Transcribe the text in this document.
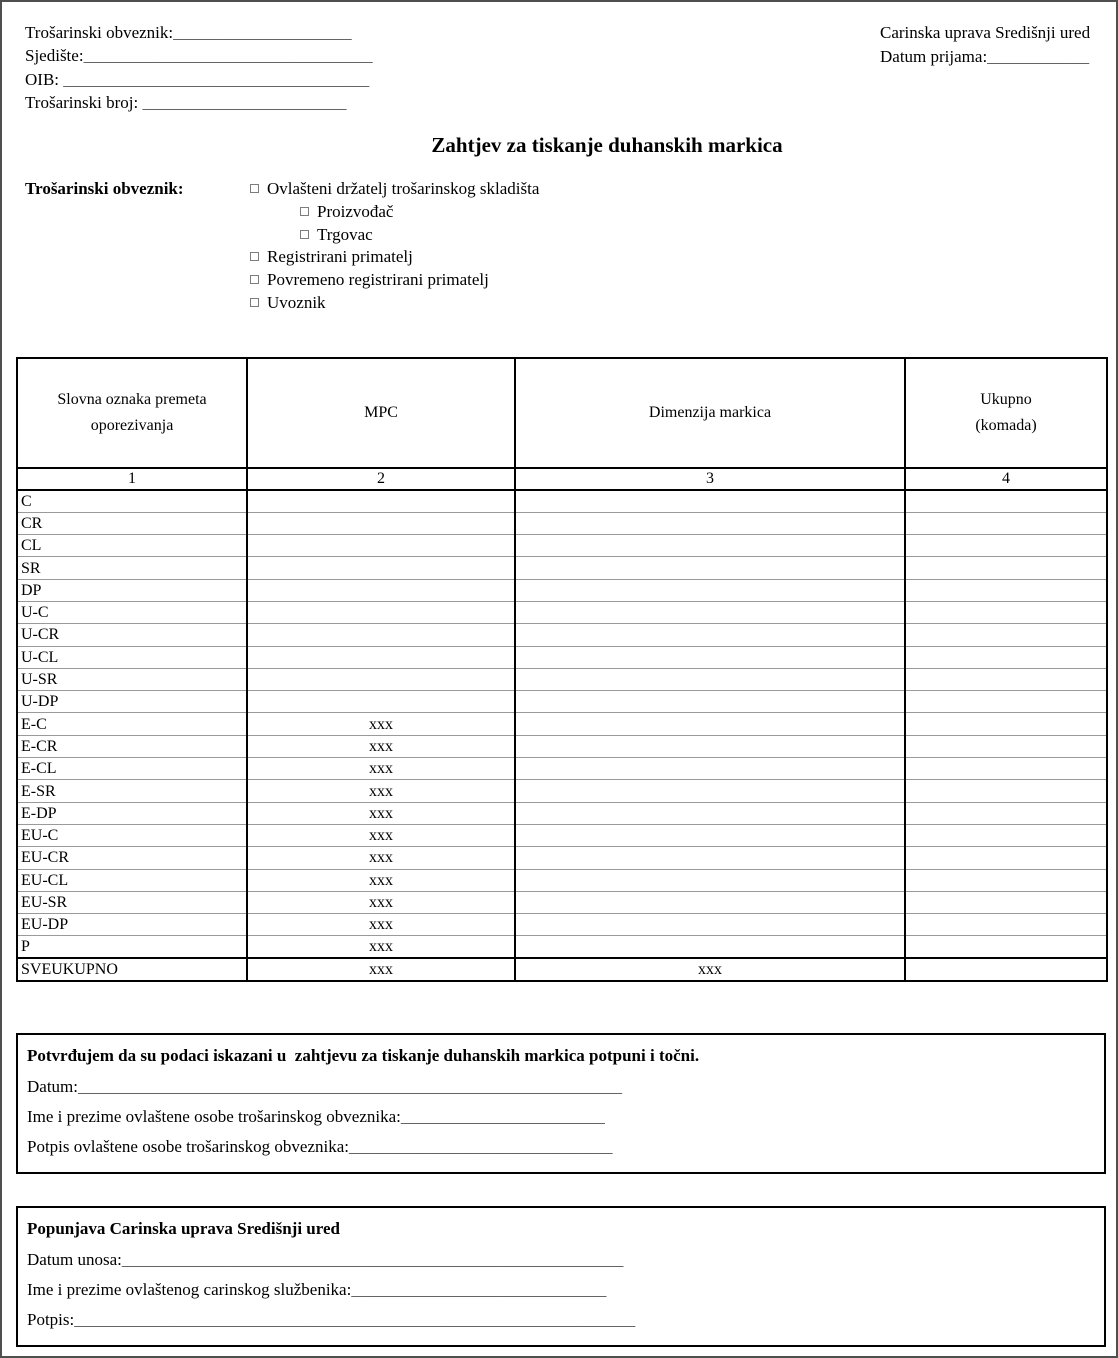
Trošarinski obveznik:_____________________
Sjedište:__________________________________
OIB: ____________________________________
Trošarinski broj: ________________________
Carinska uprava Središnji ured
Datum prijama:____________
Zahtjev za tiskanje duhanskih markica
Trošarinski obveznik:	Ovlašteni držatelj trošarinskog skladišta
Proizvođač
Trgovac
Registrirani primatelj
Povremeno registrirani primatelj
Uvoznik
Slovna oznaka premeta
oporezivanja	MPC	Dimenzija markica	Ukupno
(komada)
1	2	3	4
C			
CR			
CL			
SR			
DP			
U-C			
U-CR			
U-CL			
U-SR			
U-DP			
E-C	xxx		
E-CR	xxx		
E-CL	xxx		
E-SR	xxx		
E-DP	xxx		
EU-C	xxx		
EU-CR	xxx		
EU-CL	xxx		
EU-SR	xxx		
EU-DP	xxx		
P	xxx		
SVEUKUPNO	xxx	xxx	
Potvrđujem da su podaci iskazani u  zahtjevu za tiskanje duhanskih markica potpuni i točni.
Datum:________________________________________________________________
Ime i prezime ovlaštene osobe trošarinskog obveznika:________________________
Potpis ovlaštene osobe trošarinskog obveznika:_______________________________
Popunjava Carinska uprava Središnji ured
Datum unosa:___________________________________________________________
Ime i prezime ovlaštenog carinskog službenika:______________________________
Potpis:__________________________________________________________________
